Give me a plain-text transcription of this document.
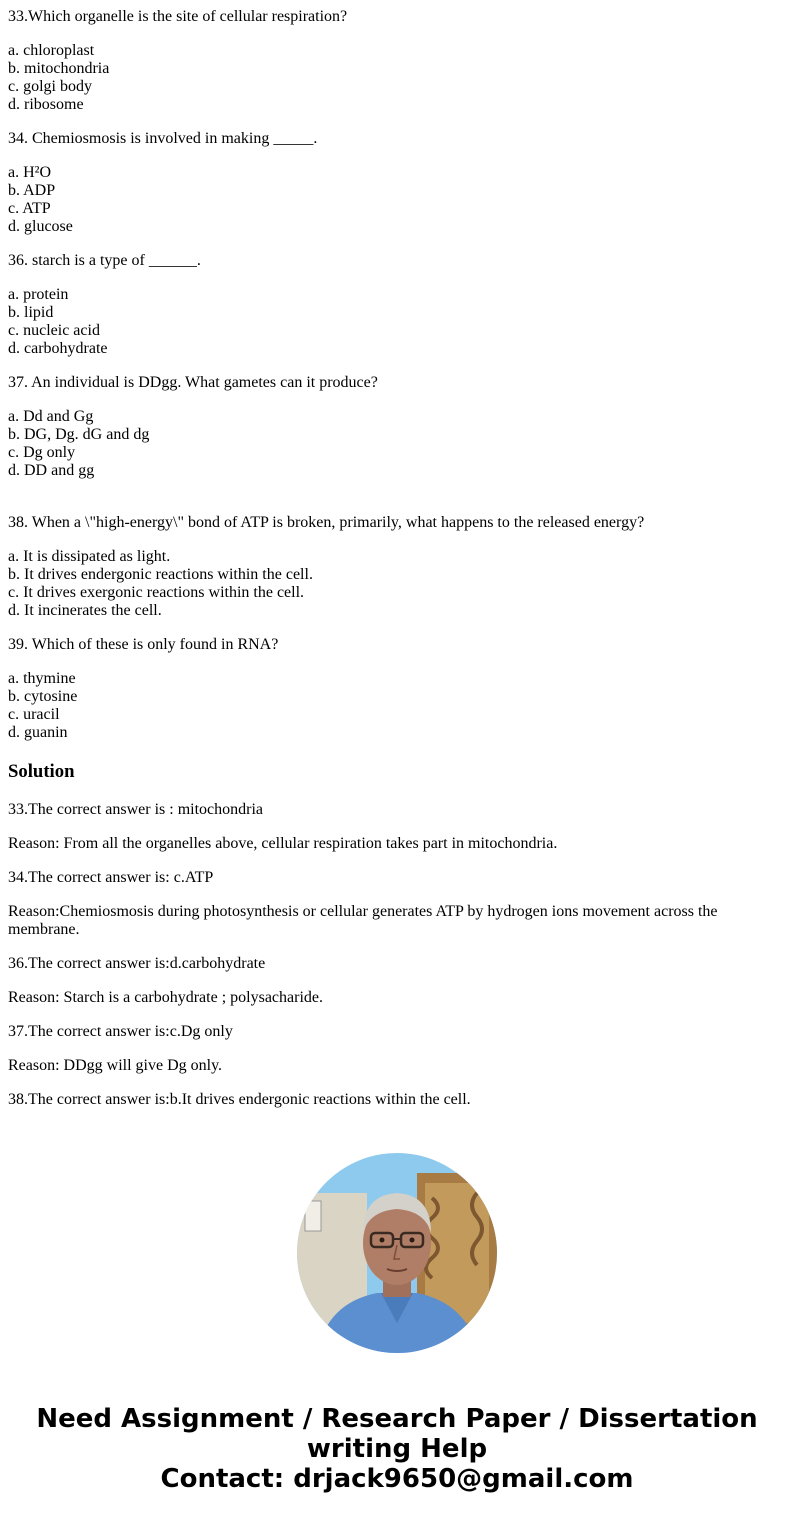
33.Which organelle is the site of cellular respiration?
a. chloroplast
b. mitochondria
c. golgi body
d. ribosome
34. Chemiosmosis is involved in making _____.
a. H²O
b. ADP
c. ATP
d. glucose
36. starch is a type of ______.
a. protein
b. lipid
c. nucleic acid
d. carbohydrate
37. An individual is DDgg. What gametes can it produce?
a. Dd and Gg
b. DG, Dg. dG and dg
c. Dg only
d. DD and gg
38. When a \"high-energy\" bond of ATP is broken, primarily, what happens to the released energy?
a. It is dissipated as light.
b. It drives endergonic reactions within the cell.
c. It drives exergonic reactions within the cell.
d. It incinerates the cell.
39. Which of these is only found in RNA?
a. thymine
b. cytosine
c. uracil
d. guanin
Solution

33.The correct answer is : mitochondria

Reason: From all the organelles above, cellular respiration takes part in mitochondria.

34.The correct answer is: c.ATP

Reason:Chemiosmosis during photosynthesis or cellular generates ATP by hydrogen ions movement across the membrane.

36.The correct answer is:d.carbohydrate

Reason: Starch is a carbohydrate ; polysacharide.

37.The correct answer is:c.Dg only

Reason: DDgg will give Dg only.

38.The correct answer is:b.It drives endergonic reactions within the cell.

Need Assignment / Research Paper / Dissertation
writing Help
Contact: drjack9650@gmail.com
